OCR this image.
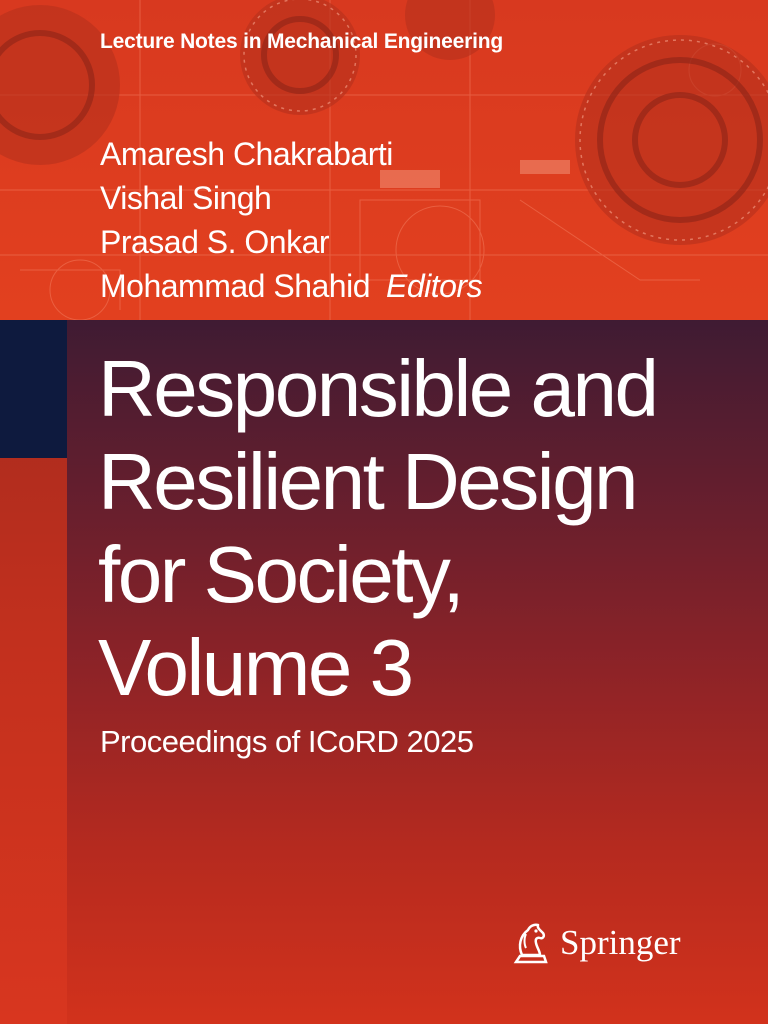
Lecture Notes in Mechanical Engineering
Amaresh Chakrabarti
Vishal Singh
Prasad S. Onkar
Mohammad Shahid Editors
Responsible and
Resilient Design
for Society,
Volume 3
Proceedings of ICoRD 2025
Springer
